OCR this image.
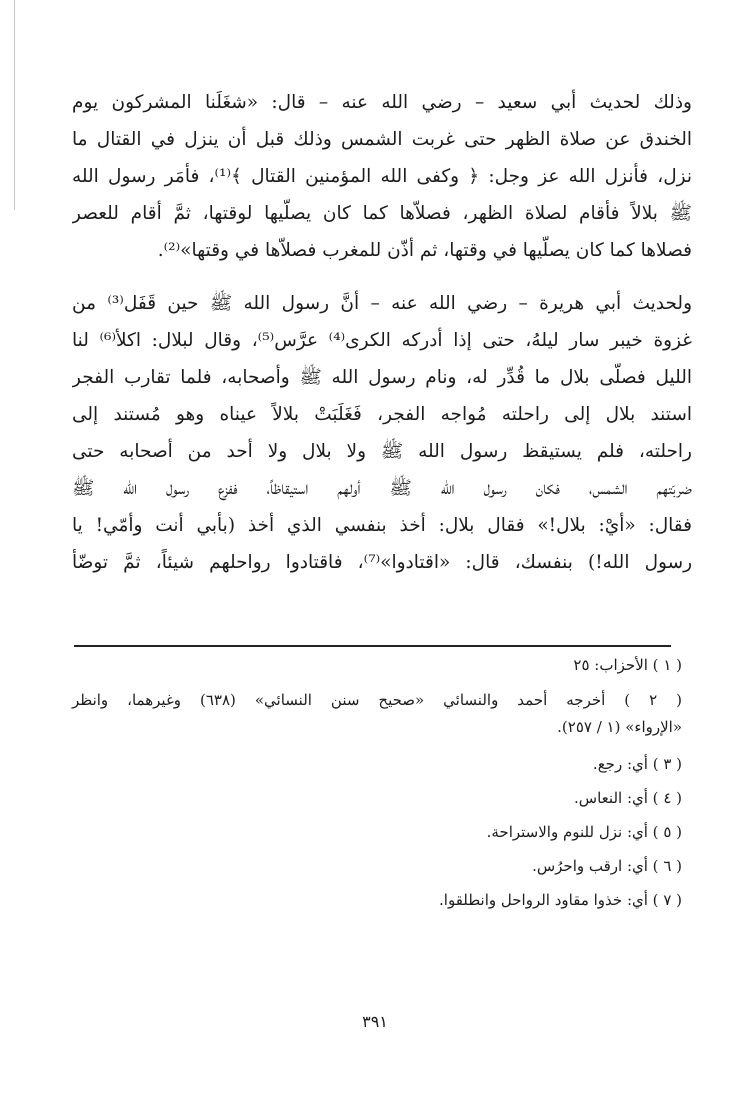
وذلك لحديث أبي سعيد – رضي الله عنه – قال: «شغَلَنا المشركون يوم
الخندق عن صلاة الظهر حتى غربت الشمس وذلك قبل أن ينزل في القتال ما
نزل، فأنزل الله عز وجل: ﴿ وكفى الله المؤمنين القتال ﴾⁽¹⁾، فأمَر رسول الله
ﷺ بلالاً فأقام لصلاة الظهر، فصلاّها كما كان يصلّيها لوقتها، ثمَّ أقام للعصر
فصلاها كما كان يصلّيها في وقتها، ثم أذّن للمغرب فصلاّها في وقتها»⁽²⁾.
ولحديث أبي هريرة – رضي الله عنه – أنَّ رسول الله ﷺ حين قَفَل⁽³⁾ من
غزوة خيبر سار ليلهُ، حتى إذا أدركه الكرى⁽⁴⁾ عرَّس⁽⁵⁾، وقال لبلال: اكلأ⁽⁶⁾ لنا
الليل فصلّى بلال ما قُدِّر له، ونام رسول الله ﷺ وأصحابه، فلما تقارب الفجر
استند بلال إلى راحلته مُواجه الفجر، فَغَلَبَتْ بلالاً عيناه وهو مُستند إلى
راحلته، فلم يستيقظ رسول الله ﷺ ولا بلال ولا أحد من أصحابه حتى
ضربَتهم الشمس، فكان رسول الله ﷺ أولهم استيقاظاً، ففزع رسول الله ﷺ
فقال: «أيْ: بلال!» فقال بلال: أخذ بنفسي الذي أخذ (بأبي أنت وأمّي! يا
رسول الله!) بنفسك، قال: «اقتادوا»⁽⁷⁾، فاقتادوا رواحلهم شيئاً، ثمَّ توضّأ
( ١ ) الأحزاب: ٢٥
( ٢ ) أخرجه أحمد والنسائي «صحيح سنن النسائي» (٦٣٨) وغيرهما، وانظر
«الإرواء» (١ / ٢٥٧).
( ٣ ) أي: رجع.
( ٤ ) أي: النعاس.
( ٥ ) أي: نزل للنوم والاستراحة.
( ٦ ) أي: ارقب واحرُس.
( ٧ ) أي: خذوا مقاود الرواحل وانطلقوا.
٣٩١
